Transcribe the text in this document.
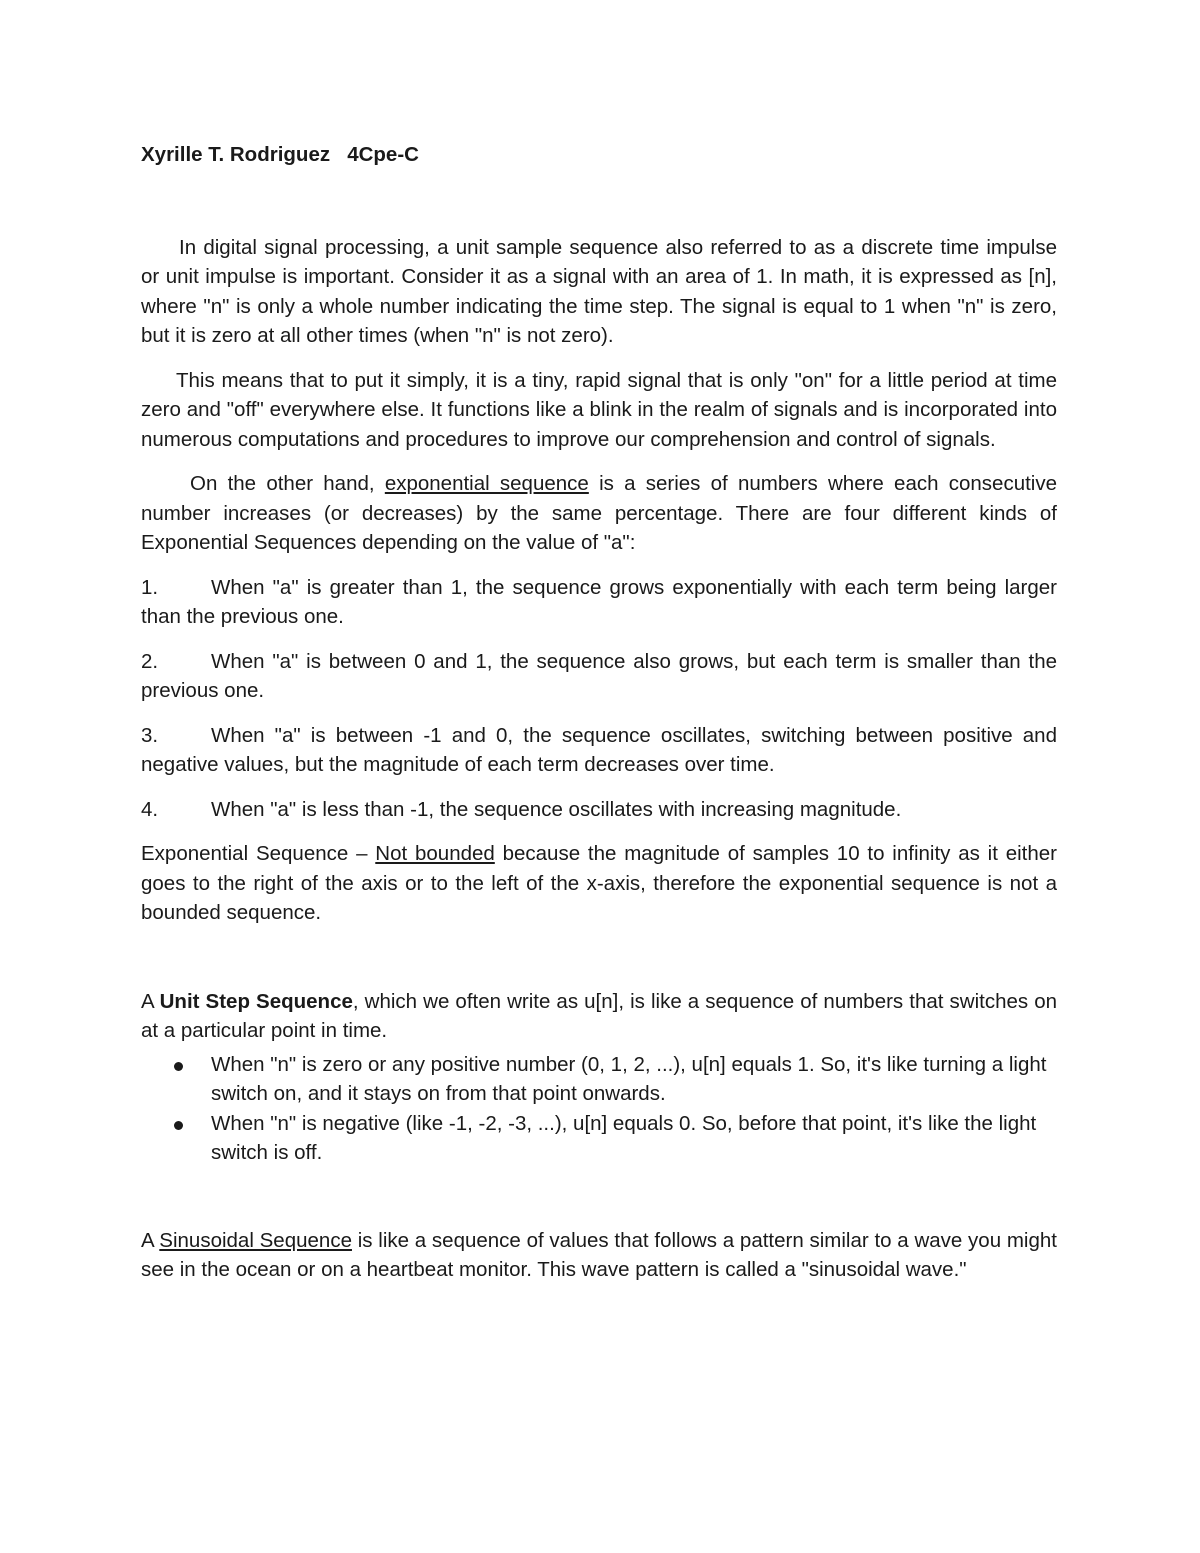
Xyrille T. Rodriguez 4Cpe-C

In digital signal processing, a unit sample sequence also referred to as a discrete time impulse or unit impulse is important. Consider it as a signal with an area of 1. In math, it is expressed as [n], where "n" is only a whole number indicating the time step. The signal is equal to 1 when "n" is zero, but it is zero at all other times (when "n" is not zero).

This means that to put it simply, it is a tiny, rapid signal that is only "on" for a little period at time zero and "off" everywhere else. It functions like a blink in the realm of signals and is incorporated into numerous computations and procedures to improve our comprehension and control of signals.

On the other hand, exponential sequence is a series of numbers where each consecutive number increases (or decreases) by the same percentage. There are four different kinds of Exponential Sequences depending on the value of "a":

1.	When "a" is greater than 1, the sequence grows exponentially with each term being larger than the previous one.
2.	When "a" is between 0 and 1, the sequence also grows, but each term is smaller than the previous one.
3.	When "a" is between -1 and 0, the sequence oscillates, switching between positive and negative values, but the magnitude of each term decreases over time.
4.	When "a" is less than -1, the sequence oscillates with increasing magnitude.

Exponential Sequence – Not bounded because the magnitude of samples 10 to infinity as it either goes to the right of the axis or to the left of the x-axis, therefore the exponential sequence is not a bounded sequence.

A Unit Step Sequence, which we often write as u[n], is like a sequence of numbers that switches on at a particular point in time.

When "n" is zero or any positive number (0, 1, 2, ...), u[n] equals 1. So, it's like turning a light switch on, and it stays on from that point onwards.
When "n" is negative (like -1, -2, -3, ...), u[n] equals 0. So, before that point, it's like the light switch is off.

A Sinusoidal Sequence is like a sequence of values that follows a pattern similar to a wave you might see in the ocean or on a heartbeat monitor. This wave pattern is called a "sinusoidal wave."
